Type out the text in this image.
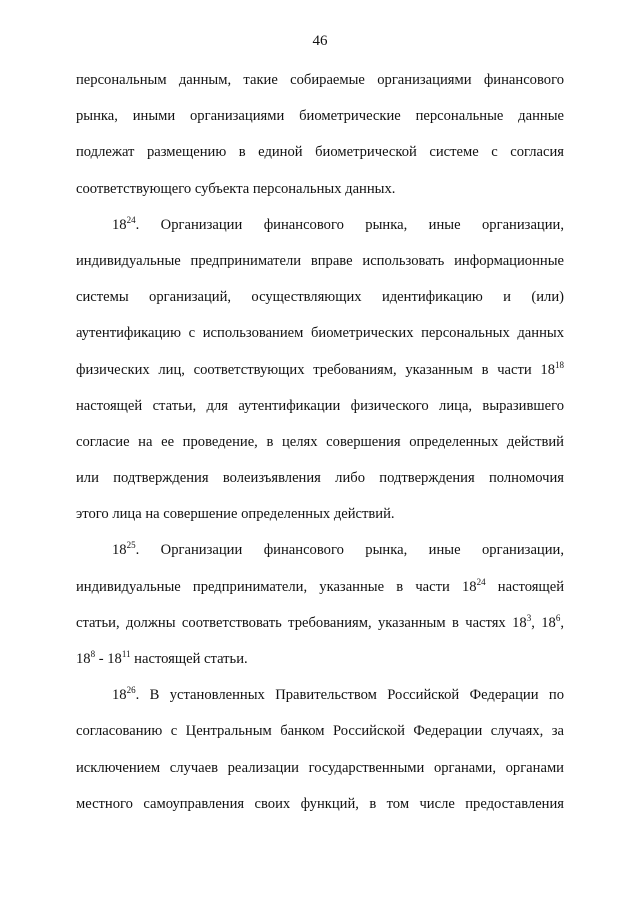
46
персональным данным, такие собираемые организациями финансового
рынка, иными организациями биометрические персональные данные
подлежат размещению в единой биометрической системе с согласия
соответствующего субъекта персональных данных.
$18^{24}$. Организации финансового рынка, иные организации,
индивидуальные предприниматели вправе использовать информационные
системы организаций, осуществляющих идентификацию и (или)
аутентификацию с использованием биометрических персональных данных
физических лиц, соответствующих требованиям, указанным в части $18^{18}$
настоящей статьи, для аутентификации физического лица, выразившего
согласие на ее проведение, в целях совершения определенных действий
или подтверждения волеизъявления либо подтверждения полномочия
этого лица на совершение определенных действий.
$18^{25}$. Организации финансового рынка, иные организации,
индивидуальные предприниматели, указанные в части $18^{24}$ настоящей
статьи, должны соответствовать требованиям, указанным в частях $18^3$, $18^6$,
$18^8 - 18^{11}$ настоящей статьи.
$18^{26}$. В установленных Правительством Российской Федерации по
согласованию с Центральным банком Российской Федерации случаях, за
исключением случаев реализации государственными органами, органами
местного самоуправления своих функций, в том числе предоставления
